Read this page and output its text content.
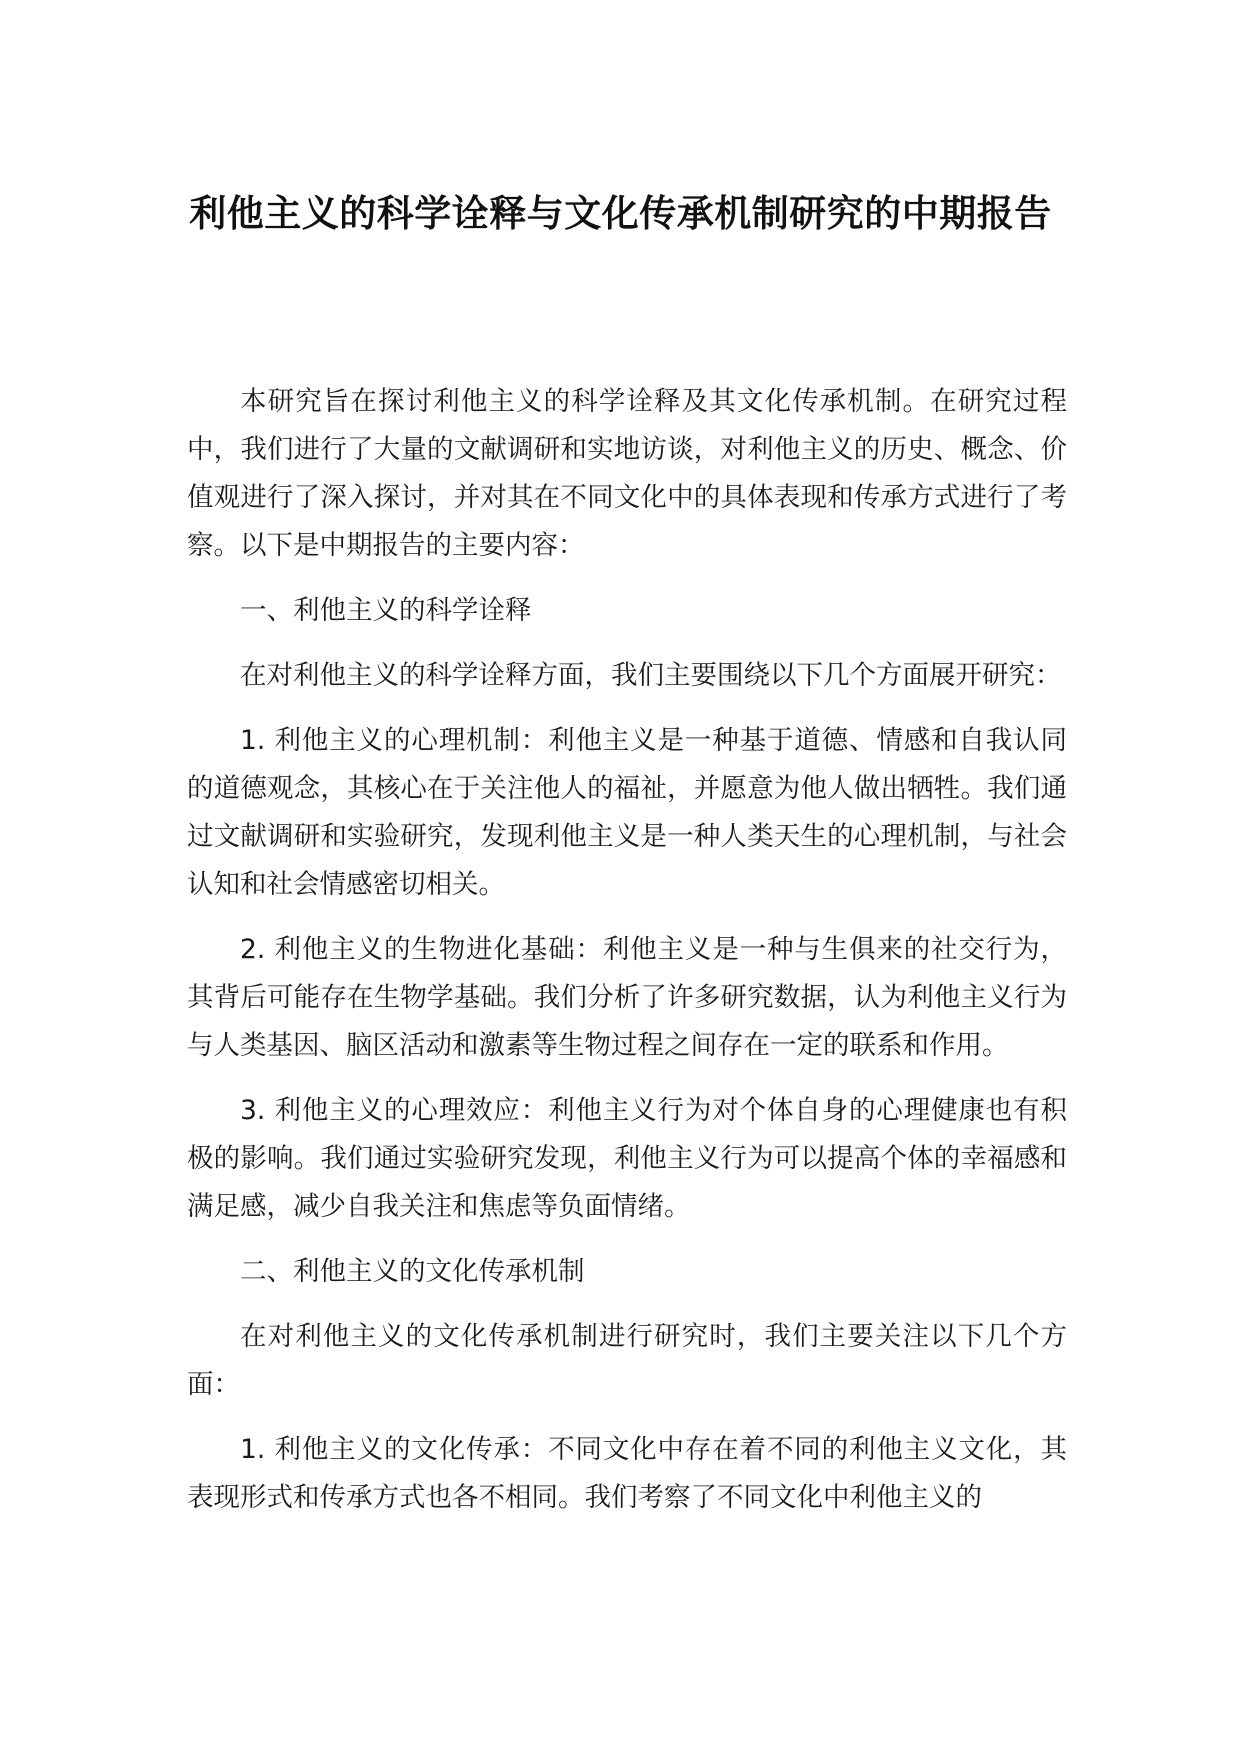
利他主义的科学诠释与文化传承机制研究的中期报告

本研究旨在探讨利他主义的科学诠释及其文化传承机制。在研究过程中，我们进行了大量的文献调研和实地访谈，对利他主义的历史、概念、价值观进行了深入探讨，并对其在不同文化中的具体表现和传承方式进行了考察。以下是中期报告的主要内容：

一、利他主义的科学诠释

在对利他主义的科学诠释方面，我们主要围绕以下几个方面展开研究：

1. 利他主义的心理机制：利他主义是一种基于道德、情感和自我认同的道德观念，其核心在于关注他人的福祉，并愿意为他人做出牺牲。我们通过文献调研和实验研究，发现利他主义是一种人类天生的心理机制，与社会认知和社会情感密切相关。

2. 利他主义的生物进化基础：利他主义是一种与生俱来的社交行为，其背后可能存在生物学基础。我们分析了许多研究数据，认为利他主义行为与人类基因、脑区活动和激素等生物过程之间存在一定的联系和作用。

3. 利他主义的心理效应：利他主义行为对个体自身的心理健康也有积极的影响。我们通过实验研究发现，利他主义行为可以提高个体的幸福感和满足感，减少自我关注和焦虑等负面情绪。

二、利他主义的文化传承机制

在对利他主义的文化传承机制进行研究时，我们主要关注以下几个方面：

1. 利他主义的文化传承：不同文化中存在着不同的利他主义文化，其表现形式和传承方式也各不相同。我们考察了不同文化中利他主义的
